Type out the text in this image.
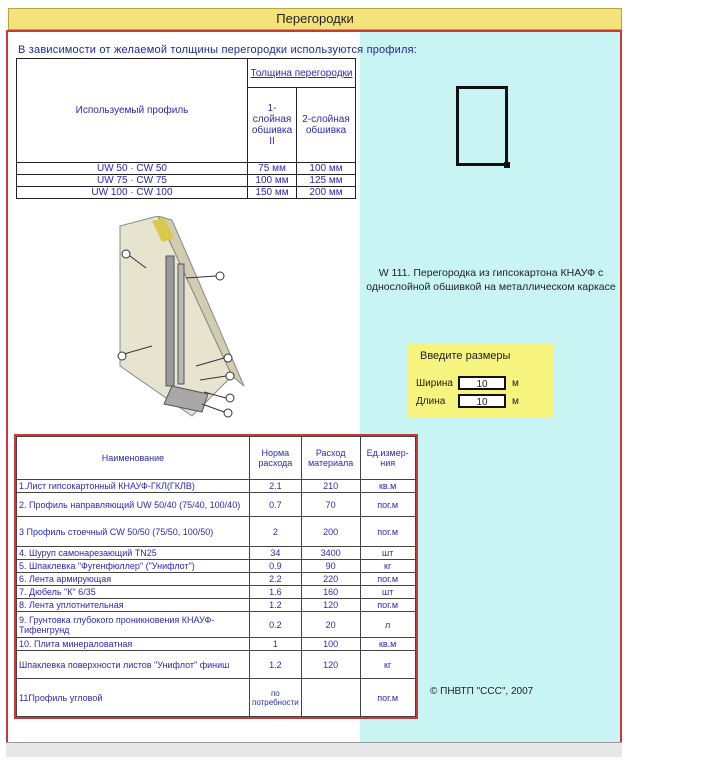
Перегородки
В зависимости от желаемой толщины перегородки используются профиля:
Используемый профиль	Толщина перегородки	
	1-слойная обшивка II	2-слойная обшивка
UW 50 · CW 50	75 мм	100 мм
UW 75 · CW 75	100 мм	125 мм
UW 100 · CW 100	150 мм	200 мм
W 111. Перегородка из гипсокартона КНАУФ с однослойной обшивкой на металлическом каркасе
Введите размеры
Ширина	10	м
Длина	10	м
Наименование	Норма расхода	Расход материала	Ед.измер-ния
1.Лист гипсокартонный КНАУФ-ГКЛ(ГКЛВ)	2.1	210	кв.м
2. Профиль направляющий UW 50/40 (75/40, 100/40)	0.7	70	пог.м
3 Профиль стоечный CW 50/50 (75/50, 100/50)	2	200	пог.м
4. Шуруп самонарезающий TN25	34	3400	шт
5. Шпаклевка "Фугенфюллер" ("Унифлот")	0.9	90	кг
6. Лента армирующая	2.2	220	пог.м
7. Дюбель "К" 6/35	1.6	160	шт
8. Лента уплотнительная	1.2	120	пог.м
9. Грунтовка глубокого проникновения КНАУФ-Тифенгрунд	0.2	20	л
10. Плита минераловатная	1	100	кв.м
Шпаклевка поверхности листов "Унифлот" финиш	1.2	120	кг
11Профиль угловой	по потребности		пог.м
© ПНВТП "ССС", 2007
